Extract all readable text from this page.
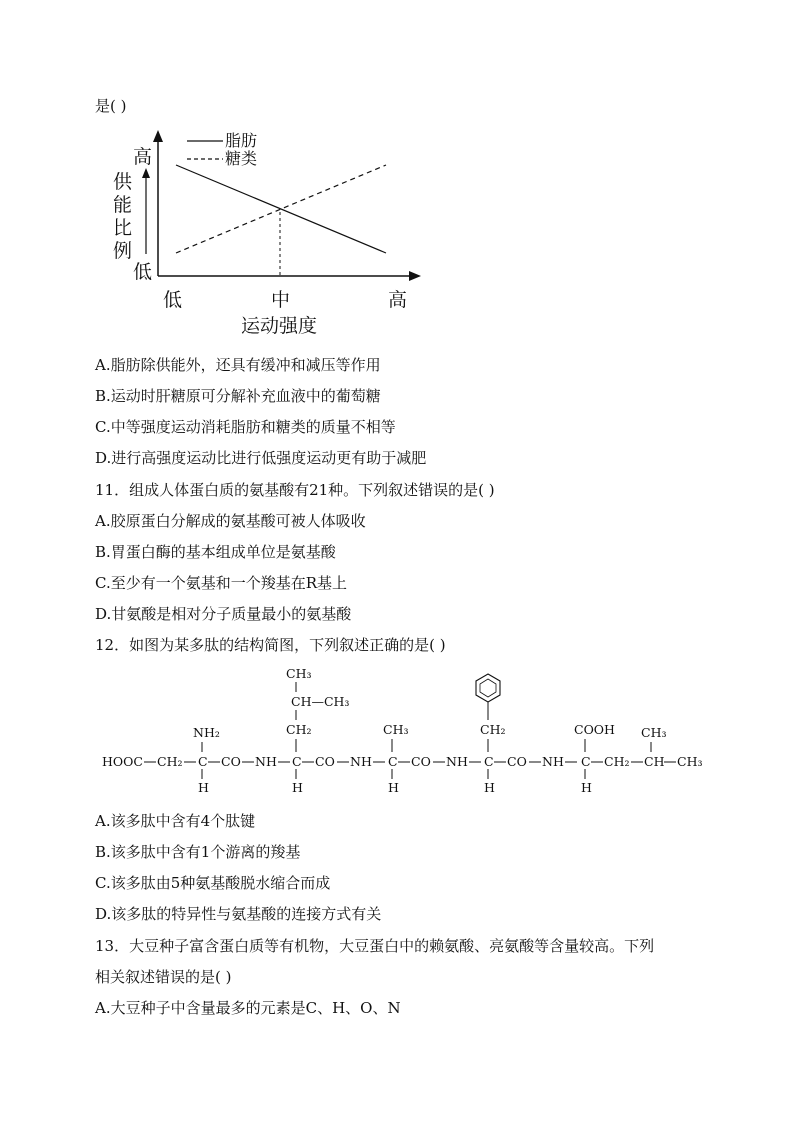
是( )
高
低
低	中	高
运动强度
供
能
比
例
脂肪
糖类
A.脂肪除供能外，还具有缓冲和减压等作用
B.运动时肝糖原可分解补充血液中的葡萄糖
C.中等强度运动消耗脂肪和糖类的质量不相等
D.进行高强度运动比进行低强度运动更有助于减肥
11．组成人体蛋白质的氨基酸有21种。下列叙述错误的是( )
A.胶原蛋白分解成的氨基酸可被人体吸收
B.胃蛋白酶的基本组成单位是氨基酸
C.至少有一个氨基和一个羧基在R基上
D.甘氨酸是相对分子质量最小的氨基酸
12．如图为某多肽的结构简图，下列叙述正确的是( )
HOOC CH₂ C CO NH C CO NH C CO NH C CO NH C CH₂ CH CH₃
NH₂
H
CH₃
CH—CH₃
CH₂
H
CH₃
H
CH₂
H
COOH
H
CH₃
A.该多肽中含有4个肽键
B.该多肽中含有1个游离的羧基
C.该多肽由5种氨基酸脱水缩合而成
D.该多肽的特异性与氨基酸的连接方式有关
13．大豆种子富含蛋白质等有机物，大豆蛋白中的赖氨酸、亮氨酸等含量较高。下列
相关叙述错误的是( )
A.大豆种子中含量最多的元素是C、H、O、N
